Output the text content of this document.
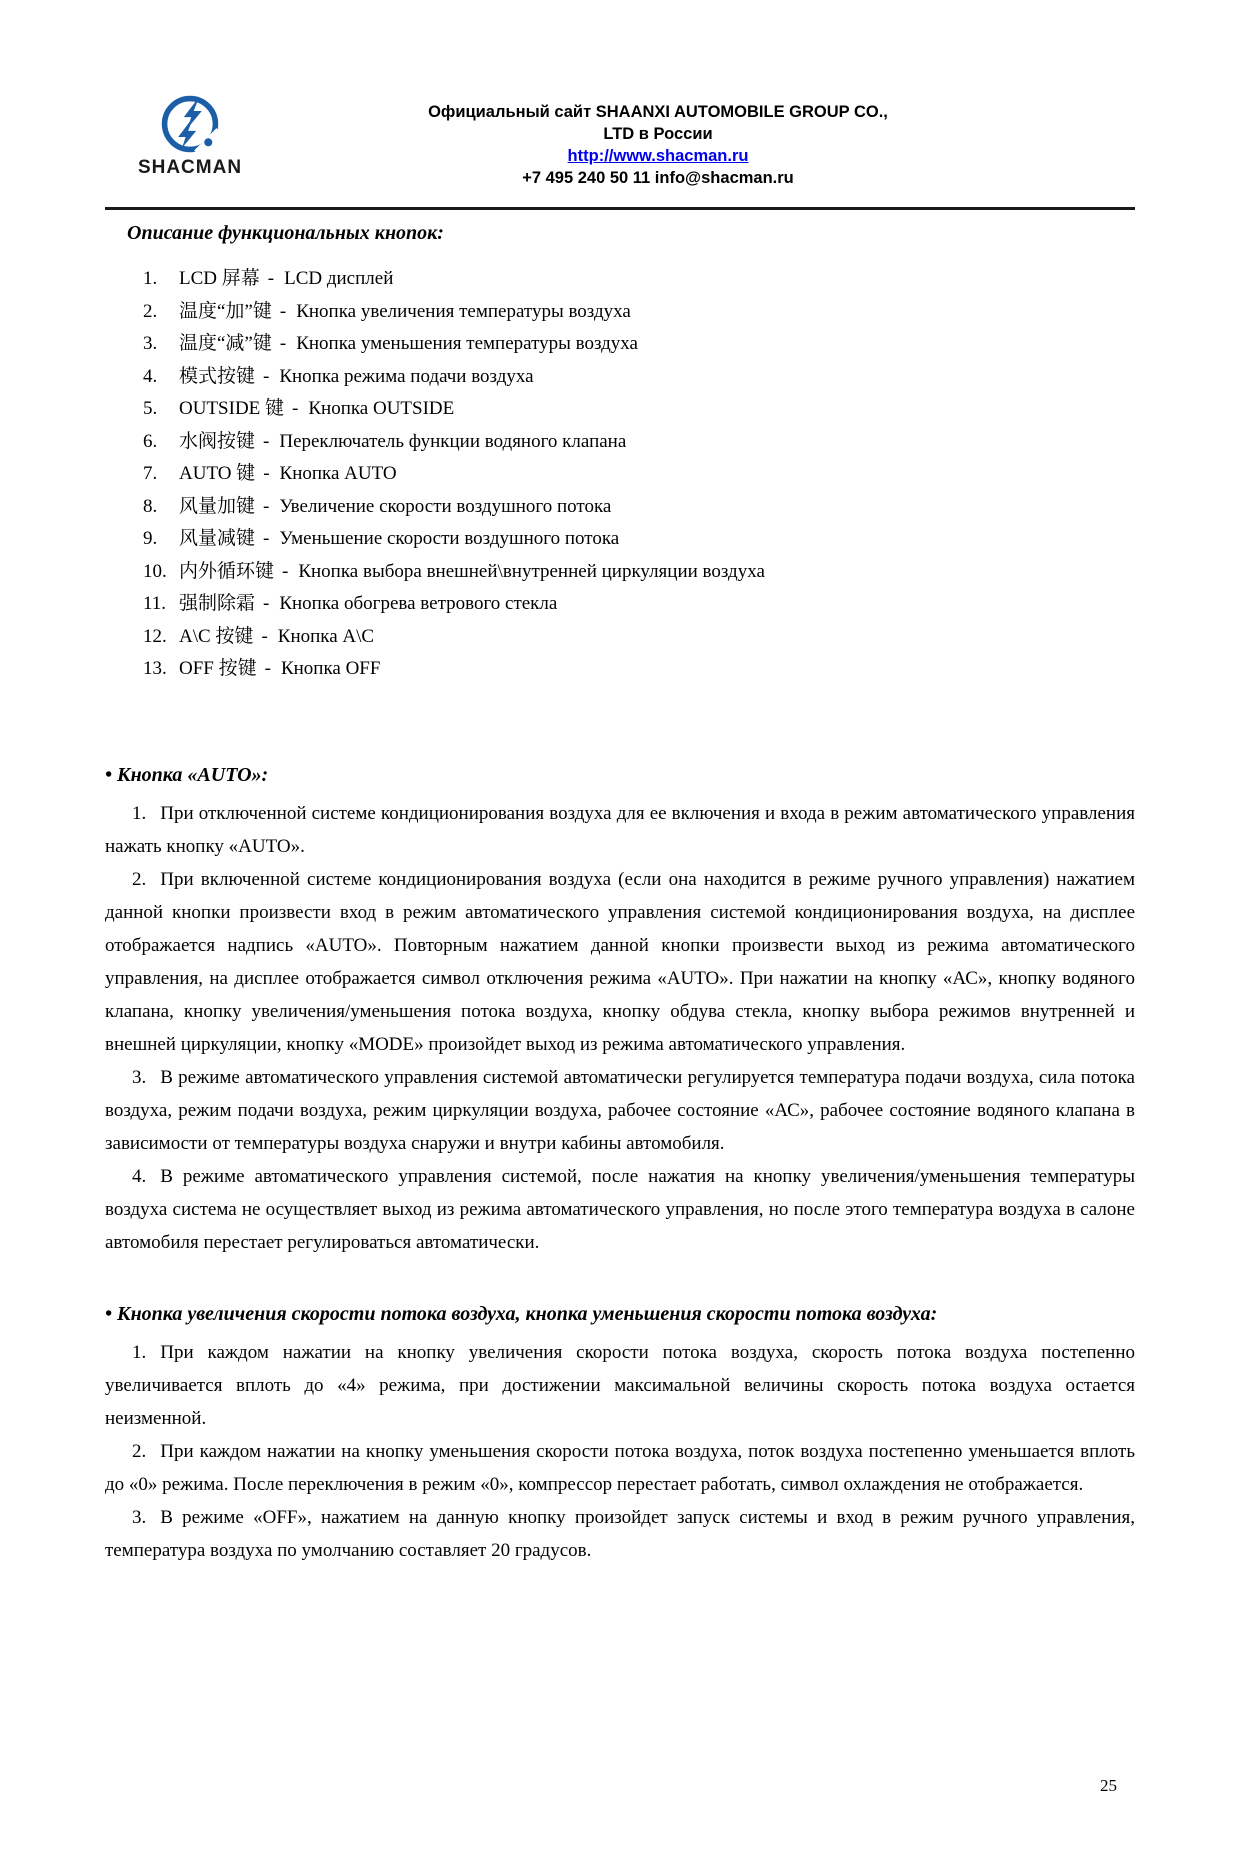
SHACMAN
Официальный сайт SHAANXI AUTOMOBILE GROUP CO.,
LTD в России
http://www.shacman.ru
+7 495 240 50 11 info@shacman.ru
Описание функциональных кнопок:
1. LCD 屏幕 - LCD дисплей
2. 温度“加”键 - Кнопка увеличения температуры воздуха
3. 温度“减”键 - Кнопка уменьшения температуры воздуха
4. 模式按键 - Кнопка режима подачи воздуха
5. OUTSIDE 键 - Кнопка OUTSIDE
6. 水阀按键 - Переключатель функции водяного клапана
7. AUTO 键 - Кнопка AUTO
8. 风量加键 - Увеличение скорости воздушного потока
9. 风量减键 - Уменьшение скорости воздушного потока
10. 内外循环键 - Кнопка выбора внешней\внутренней циркуляции воздуха
11. 强制除霜 - Кнопка обогрева ветрового стекла
12. A\C 按键 - Кнопка A\C
13. OFF 按键 - Кнопка OFF
• Кнопка «AUTO»:

1. При отключенной системе кондиционирования воздуха для ее включения и входа в режим автоматического управления нажать кнопку «AUTO».

2. При включенной системе кондиционирования воздуха (если она находится в режиме ручного управления) нажатием данной кнопки произвести вход в режим автоматического управления системой кондиционирования воздуха, на дисплее отображается надпись «AUTO». Повторным нажатием данной кнопки произвести выход из режима автоматического управления, на дисплее отображается символ отключения режима «AUTO». При нажатии на кнопку «АС», кнопку водяного клапана, кнопку увеличения/уменьшения потока воздуха, кнопку обдува стекла, кнопку выбора режимов внутренней и внешней циркуляции, кнопку «MODE» произойдет выход из режима автоматического управления.

3. В режиме автоматического управления системой автоматически регулируется температура подачи воздуха, сила потока воздуха, режим подачи воздуха, режим циркуляции воздуха, рабочее состояние «АС», рабочее состояние водяного клапана в зависимости от температуры воздуха снаружи и внутри кабины автомобиля.

4. В режиме автоматического управления системой, после нажатия на кнопку увеличения/уменьшения температуры воздуха система не осуществляет выход из режима автоматического управления, но после этого температура воздуха в салоне автомобиля перестает регулироваться автоматически.

• Кнопка увеличения скорости потока воздуха, кнопка уменьшения скорости потока воздуха:

1. При каждом нажатии на кнопку увеличения скорости потока воздуха, скорость потока воздуха постепенно увеличивается вплоть до «4» режима, при достижении максимальной величины скорость потока воздуха остается неизменной.

2. При каждом нажатии на кнопку уменьшения скорости потока воздуха, поток воздуха постепенно уменьшается вплоть до «0» режима. После переключения в режим «0», компрессор перестает работать, символ охлаждения не отображается.

3. В режиме «OFF», нажатием на данную кнопку произойдет запуск системы и вход в режим ручного управления, температура воздуха по умолчанию составляет 20 градусов.

25
